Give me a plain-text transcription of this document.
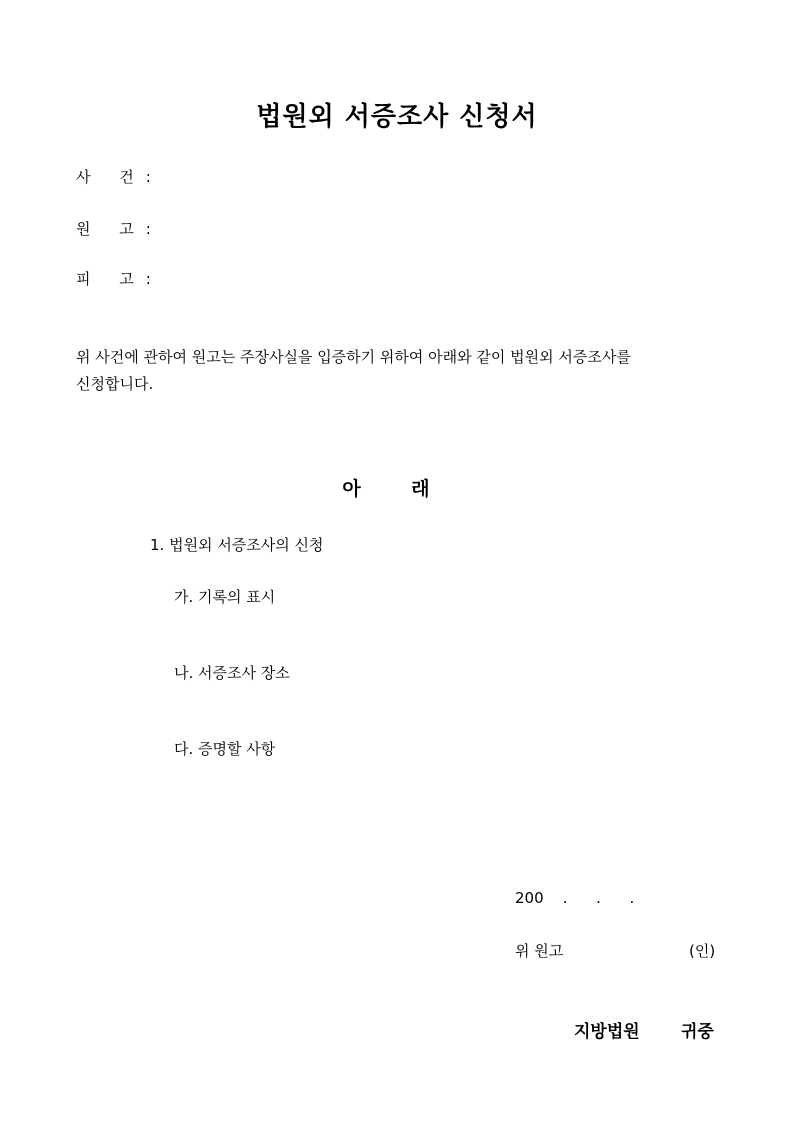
법원외 서증조사 신청서
사 건:
원 고:
피 고:
위 사건에 관하여 원고는 주장사실을 입증하기 위하여 아래와 같이 법원외 서증조사를
신청합니다.
아 래
1. 법원외 서증조사의 신청
가. 기록의 표시
나. 서증조사 장소
다. 증명할 사항
200    .      .      .
위 원고	(인)
지방법원 귀중
